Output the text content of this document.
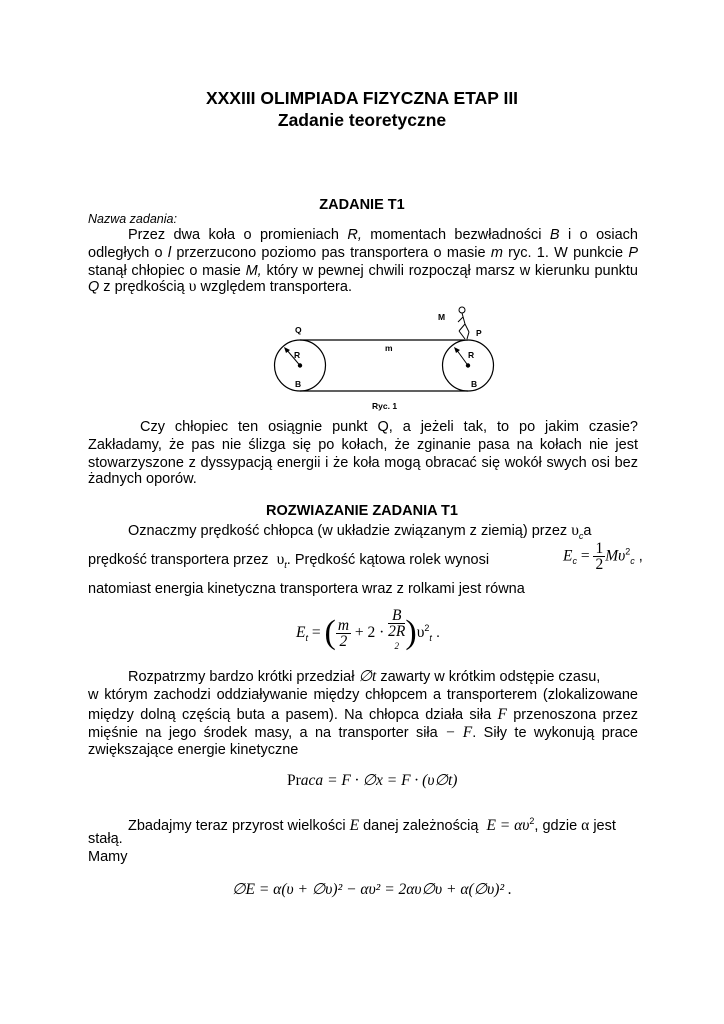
XXXIII OLIMPIADA FIZYCZNA ETAP III
Zadanie teoretyczne
ZADANIE T1
Nazwa zadania:
Przez dwa koła o promieniach R, momentach bezwładności B i o osiach
odległych o l przerzucono poziomo pas transportera o masie m ryc. 1. W punkcie P
stanął chłopiec o masie M, który w pewnej chwili rozpoczął marsz w kierunku punktu
Q z prędkością υ względem transportera.
M
Q	P
m
R	R
B	B
Ryc. 1
Czy chłopiec ten osiągnie punkt Q, a jeżeli tak, to po jakim czasie?
Zakładamy, że pas nie ślizga się po kołach, że zginanie pasa na kołach nie jest
stowarzyszone z dyssypacją energii i że koła mogą obracać się wokół swych osi bez
żadnych oporów.
ROZWIAZANIE ZADANIA T1
Oznaczmy prędkość chłopca (w układzie związanym z ziemią) przez $\upsilon_ca$
prędkość transportera przez $\upsilon_t$. Prędkość kątowa rolek wynosi	$E_c = \frac{1}{2} M\upsilon^2_c$ ,
natomiast energia kinetyczna transportera wraz z rolkami jest równa
$E_t$ = ( $\frac{m}{2} + 2 \cdot B$
2R
$^2$ )$\upsilon^2_t$ .
Rozpatrzmy bardzo krótki przedział ∅t zawarty w krótkim odstępie czasu,
w którym zachodzi oddziaływanie między chłopcem a transporterem (zlokalizowane
między dolną częścią buta a pasem). Na chłopca działa siła F przenoszona przez
mięśnie na jego środek masy, a na transporter siła − F. Siły te wykonują prace
zwiększające energie kinetyczne
Praca = F · ∅x = F · (υ∅t)
Zbadajmy teraz przyrost wielkości E danej zależnością $E = \alpha\upsilon^2$, gdzie α jest
stałą.
Mamy
∅E = α(υ + ∅υ)² − αυ² = 2αυ∅υ + α(∅υ)² .
